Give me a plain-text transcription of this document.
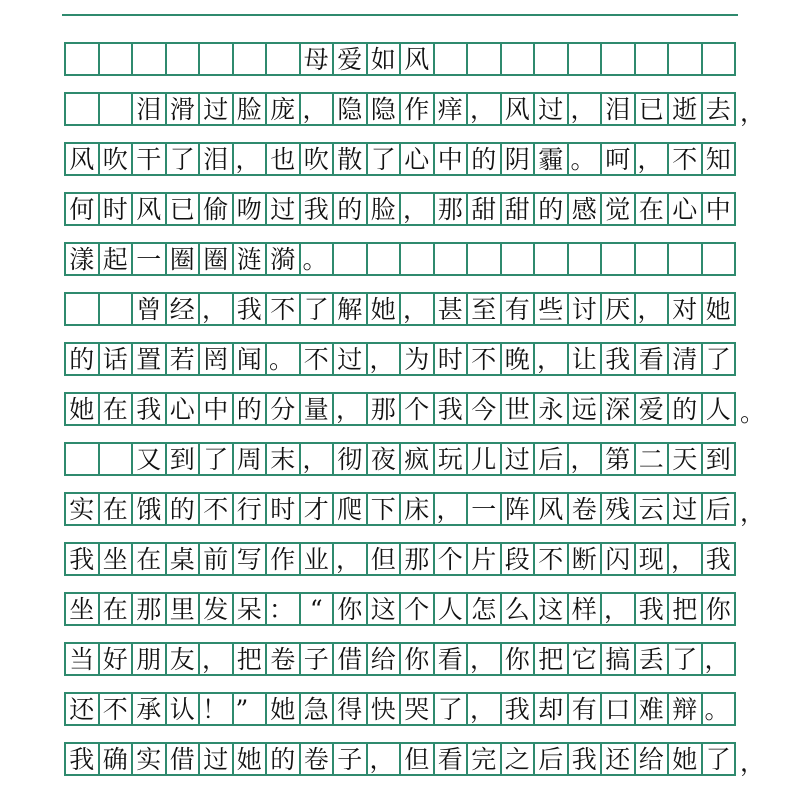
母 爱 如 风
泪 滑 过 脸 庞 ， 隐 隐 作 痒 ， 风 过 ， 泪 已 逝 去 ，
风 吹 干 了 泪 ， 也 吹 散 了 心 中 的 阴 霾 。 呵 ， 不 知
何 时 风 已 偷 吻 过 我 的 脸 ， 那 甜 甜 的 感 觉 在 心 中
漾 起 一 圈 圈 涟 漪 。
曾 经 ， 我 不 了 解 她 ， 甚 至 有 些 讨 厌 ， 对 她
的 话 置 若 罔 闻 。 不 过 ， 为 时 不 晚 ， 让 我 看 清 了
她 在 我 心 中 的 分 量 ， 那 个 我 今 世 永 远 深 爱 的 人 。
又 到 了 周 末 ， 彻 夜 疯 玩 儿 过 后 ， 第 二 天 到
实 在 饿 的 不 行 时 才 爬 下 床 ， 一 阵 风 卷 残 云 过 后 ，
我 坐 在 桌 前 写 作 业 ， 但 那 个 片 段 不 断 闪 现 ， 我
坐 在 那 里 发 呆 ： “ 你 这 个 人 怎 么 这 样 ， 我 把 你
当 好 朋 友 ， 把 卷 子 借 给 你 看 ， 你 把 它 搞 丢 了 ，
还 不 承 认 ！ ” 她 急 得 快 哭 了 ， 我 却 有 口 难 辩 。
我 确 实 借 过 她 的 卷 子 ， 但 看 完 之 后 我 还 给 她 了 ，
